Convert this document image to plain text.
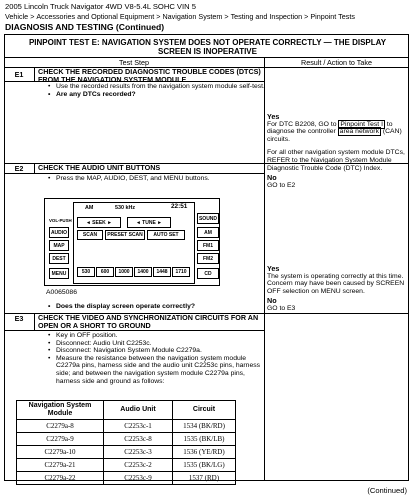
2005 Lincoln Truck Navigator 4WD V8-5.4L SOHC VIN 5
Vehicle > Accessories and Optional Equipment > Navigation System > Testing and Inspection > Pinpoint Tests
DIAGNOSIS AND TESTING (Continued)
PINPOINT TEST E: NAVIGATION SYSTEM DOES NOT OPERATE CORRECTLY — THE DISPLAY SCREEN IS INOPERATIVE
Test Step	Result / Action to Take
E1	CHECK THE RECORDED DIAGNOSTIC TROUBLE CODES (DTCS) FROM THE NAVIGATION SYSTEM MODULE
• Use the recorded results from the navigation system module self-test.
• Are any DTCs recorded?
Yes
For DTC B2208, GO to Pinpoint Test I to diagnose the controller area network (CAN) circuits.
For all other navigation system module DTCs, REFER to the Navigation System Module Diagnostic Trouble Code (DTC) Index.
No
GO to E2
E2	CHECK THE AUDIO UNIT BUTTONS
• Press the MAP, AUDIO, DEST, and MENU buttons.
AM	530 kHz	22:51
SOUND
VOL-PUSH	◄ SEEK ►	◄ TUNE ►
SCAN	PRESET SCAN	AUTO SET
AUDIO
MAP
DEST
MENU
AM
FM1
FM2
CD
530	600	1000	1400	1448	1710
A0065086
• Does the display screen operate correctly?
Yes
The system is operating correctly at this time. Concern may have been caused by SCREEN OFF selection on MENU screen.
No
GO to E3
E3	CHECK THE VIDEO AND SYNCHRONIZATION CIRCUITS FOR AN OPEN OR A SHORT TO GROUND
• Key in OFF position.
• Disconnect: Audio Unit C2253c.
• Disconnect: Navigation System Module C2279a.
• Measure the resistance between the navigation system module C2279a pins, harness side and the audio unit C2253c pins, harness side; and between the navigation system module C2279a pins, harness side and ground as follows:
Navigation System Module	Audio Unit	Circuit
C2279a-8	C2253c-1	1534 (BK/RD)
C2279a-9	C2253c-8	1535 (BK/LB)
C2279a-10	C2253c-3	1536 (YE/RD)
C2279a-21	C2253c-2	1535 (BK/LG)
C2279a-22	C2253c-9	1537 (RD)
(Continued)
